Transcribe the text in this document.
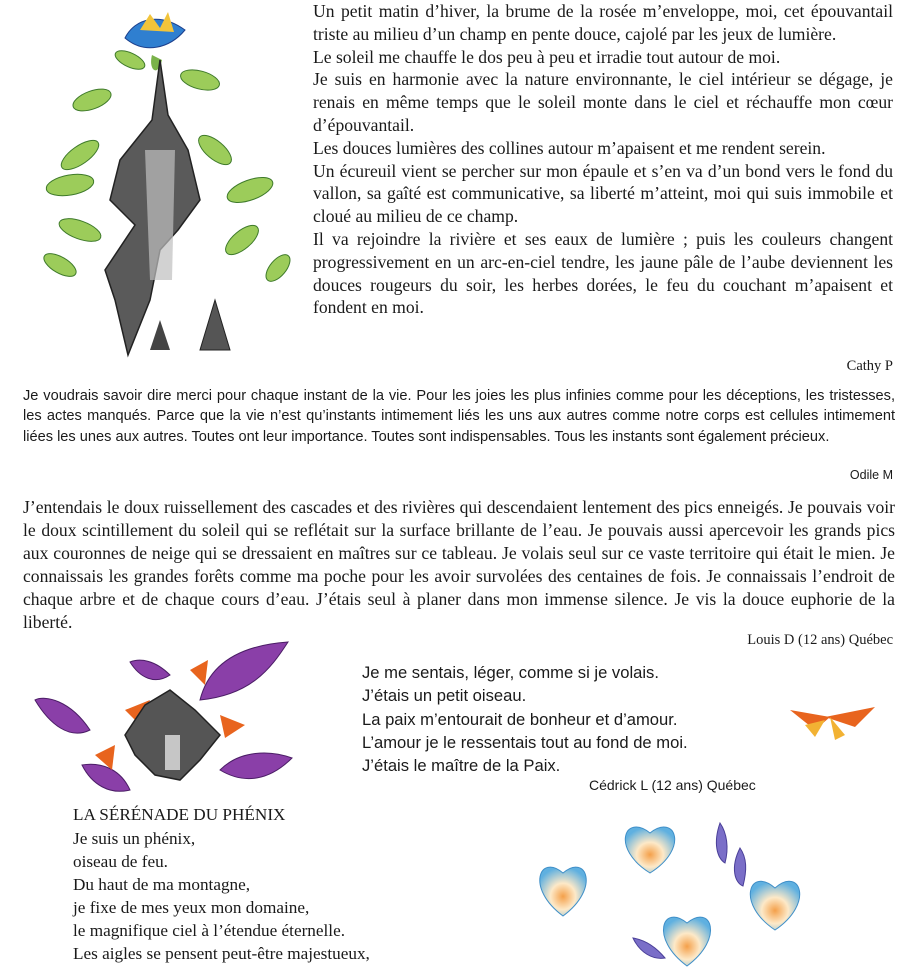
Un petit matin d’hiver, la brume de la rosée m’enveloppe, moi, cet épouvantail triste au milieu d’un champ en pente douce, cajolé par les jeux de lumière.

Le soleil me chauffe le dos peu à peu et irradie tout autour de moi.

Je suis en harmonie avec la nature environnante, le ciel intérieur se dégage, je renais en même temps que le soleil monte dans le ciel et réchauffe mon cœur d’épouvantail.

Les douces lumières des collines autour m’apaisent et me rendent serein.

Un écureuil vient se percher sur mon épaule et s’en va d’un bond vers le fond du vallon, sa gaîté est communicative, sa liberté m’atteint, moi qui suis immobile et cloué au milieu de ce champ.

Il va rejoindre la rivière et ses eaux de lumière ; puis les couleurs changent progressivement en un arc-en-ciel tendre, les jaune pâle de l’aube deviennent les douces rougeurs du soir, les herbes dorées, le feu du couchant m’apaisent et fondent en moi.

Cathy P
Je voudrais savoir dire merci pour chaque instant de la vie. Pour les joies les plus infinies comme pour les déceptions, les tristesses, les actes manqués. Parce que la vie n’est qu’instants intimement liés les uns aux autres comme notre corps est cellules intimement liées les unes aux autres. Toutes ont leur importance. Toutes sont indispensables. Tous les instants sont également précieux.
Odile M
J’entendais le doux ruissellement des cascades et des rivières qui descendaient lentement des pics enneigés. Je pouvais voir le doux scintillement du soleil qui se reflétait sur la surface brillante de l’eau. Je pouvais aussi apercevoir les grands pics aux couronnes de neige qui se dressaient en maîtres sur ce tableau. Je volais seul sur ce vaste territoire qui était le mien. Je connaissais les grandes forêts comme ma poche pour les avoir survolées des centaines de fois. Je connaissais l’endroit de chaque arbre et de chaque cours d’eau. J’étais seul à planer dans mon immense silence. Je vis la douce euphorie de la liberté.
Louis D (12 ans) Québec
Je me sentais, léger, comme si je volais.
J’étais un petit oiseau.
La paix m’entourait de bonheur et d’amour.
L’amour je le ressentais tout au fond de moi.
J’étais le maître de la Paix.
Cédrick L (12 ans) Québec
LA SÉRÉNADE DU PHÉNIX
Je suis un phénix,
oiseau de feu.
Du haut de ma montagne,
je fixe de mes yeux mon domaine,
le magnifique ciel à l’étendue éternelle.
Les aigles se pensent peut-être majestueux,
